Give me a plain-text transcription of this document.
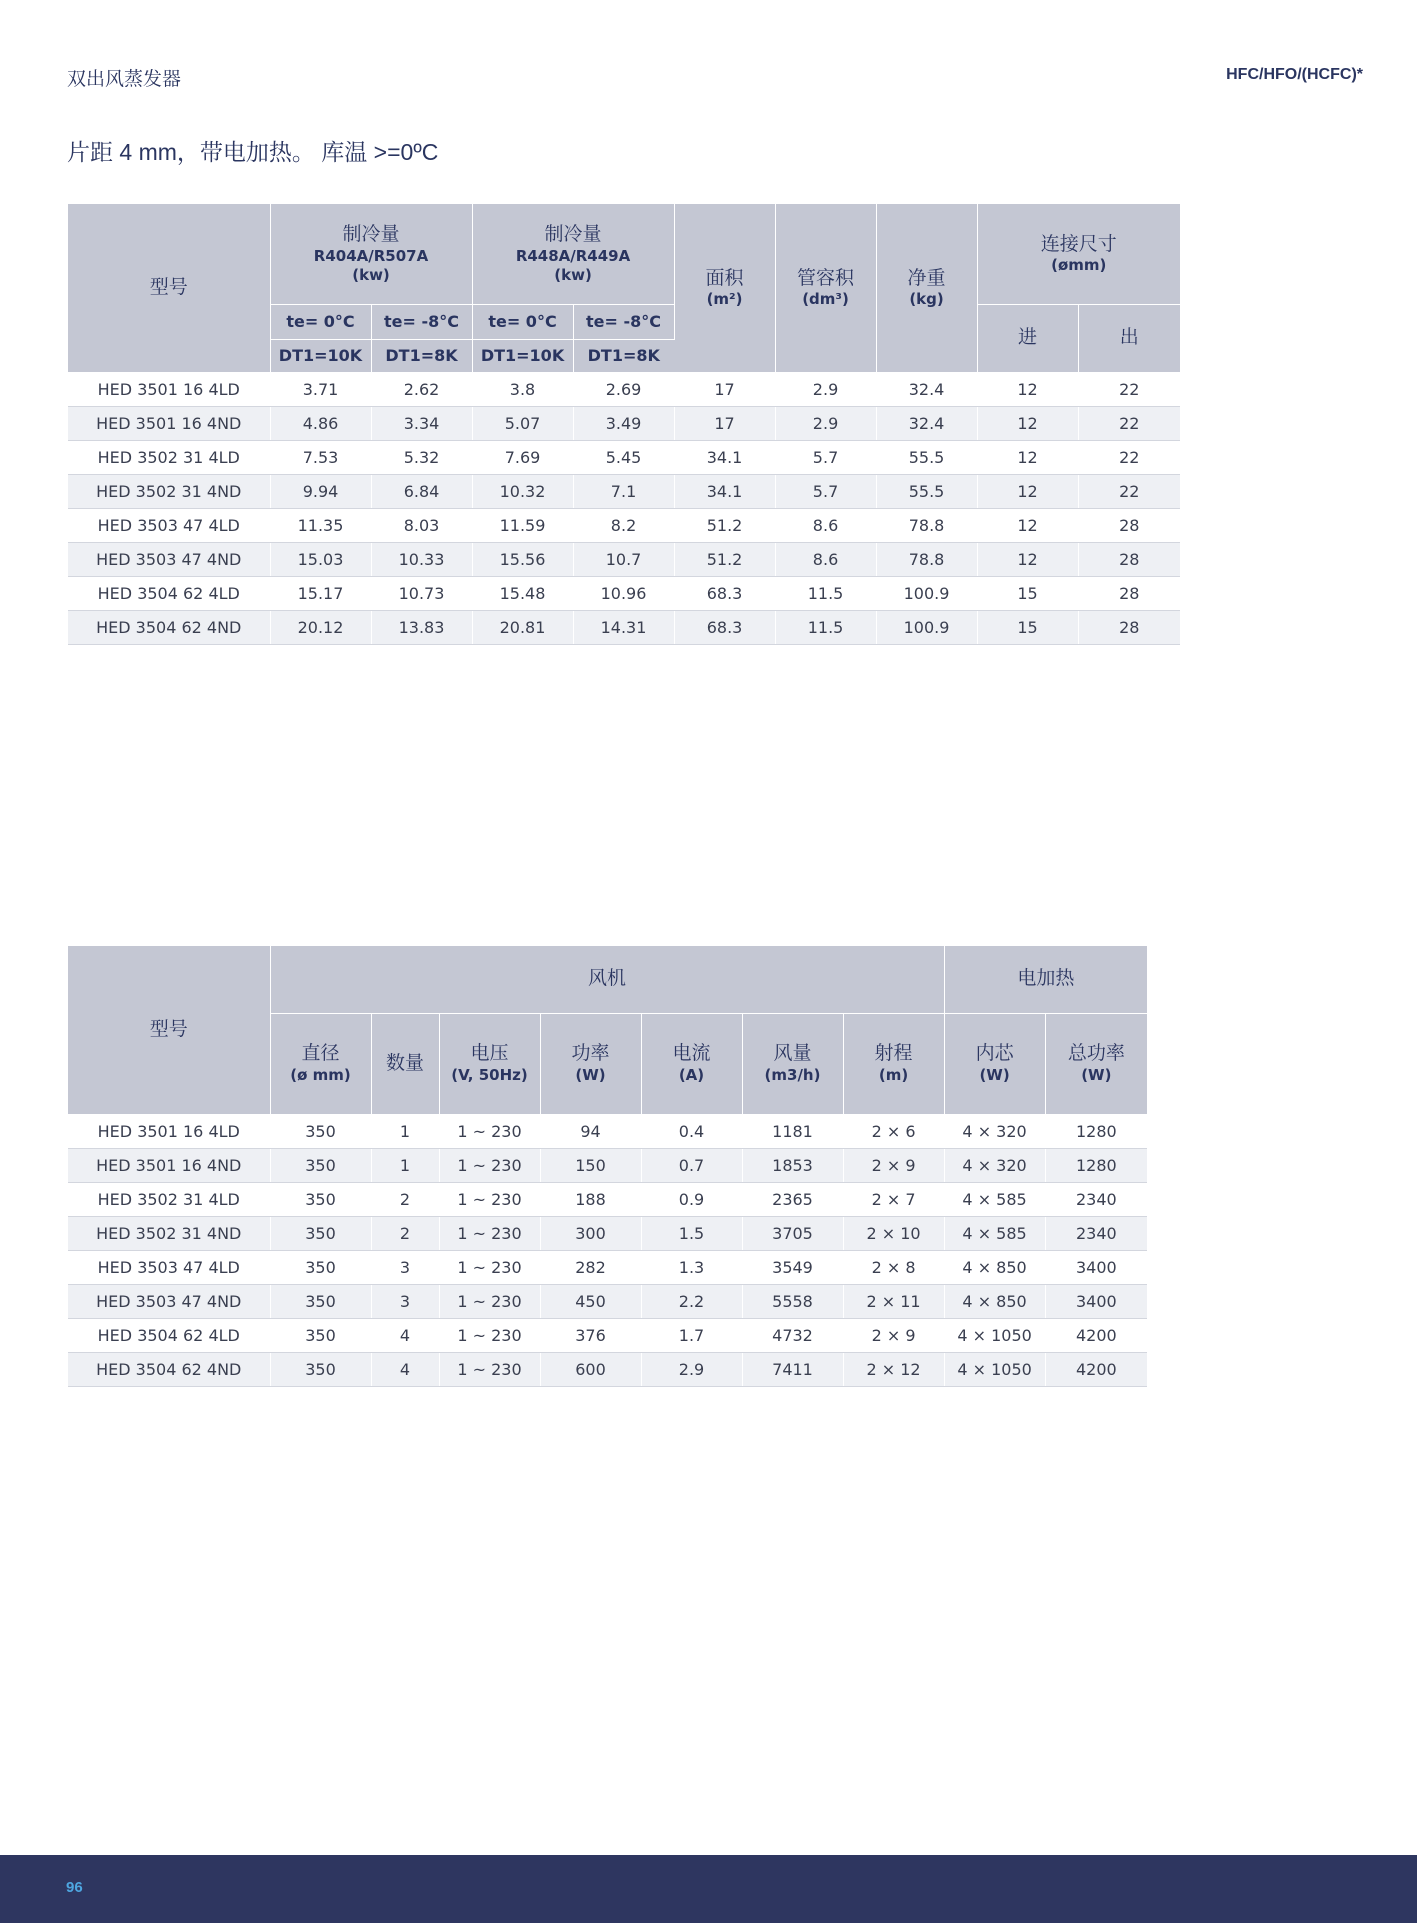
双出风蒸发器	HFC/HFO/(HCFC)*
片距 4 mm，带电加热。 库温 >=0ºC
型号	制冷量
R404A/R507A
(kw)		制冷量
R448A/R449A
(kw)		面积
(m²)	管容积
(dm³)	净重
(kg)	连接尺寸
(ømm)	

	te= 0°C	te= -8°C	te= 0°C	te= -8°C				进	出
	DT1=10K	DT1=8K	DT1=10K	DT1=8K					
HED 3501 16 4LD	3.71	2.62	3.8	2.69	17	2.9	32.4	12	22
HED 3501 16 4ND	4.86	3.34	5.07	3.49	17	2.9	32.4	12	22
HED 3502 31 4LD	7.53	5.32	7.69	5.45	34.1	5.7	55.5	12	22
HED 3502 31 4ND	9.94	6.84	10.32	7.1	34.1	5.7	55.5	12	22
HED 3503 47 4LD	11.35	8.03	11.59	8.2	51.2	8.6	78.8	12	28
HED 3503 47 4ND	15.03	10.33	15.56	10.7	51.2	8.6	78.8	12	28
HED 3504 62 4LD	15.17	10.73	15.48	10.96	68.3	11.5	100.9	15	28
HED 3504 62 4ND	20.12	13.83	20.81	14.31	68.3	11.5	100.9	15	28
型号	风机							电加热	
	直径
(ø mm)	数量	电压
(V, 50Hz)	功率
(W)	电流
(A)	风量
(m3/h)	射程
(m)	内芯
(W)	总功率
(W)

HED 3501 16 4LD	350	1	1 ~ 230	94	0.4	1181	2 × 6	4 × 320	1280
HED 3501 16 4ND	350	1	1 ~ 230	150	0.7	1853	2 × 9	4 × 320	1280
HED 3502 31 4LD	350	2	1 ~ 230	188	0.9	2365	2 × 7	4 × 585	2340
HED 3502 31 4ND	350	2	1 ~ 230	300	1.5	3705	2 × 10	4 × 585	2340
HED 3503 47 4LD	350	3	1 ~ 230	282	1.3	3549	2 × 8	4 × 850	3400
HED 3503 47 4ND	350	3	1 ~ 230	450	2.2	5558	2 × 11	4 × 850	3400
HED 3504 62 4LD	350	4	1 ~ 230	376	1.7	4732	2 × 9	4 × 1050	4200
HED 3504 62 4ND	350	4	1 ~ 230	600	2.9	7411	2 × 12	4 × 1050	4200
96
